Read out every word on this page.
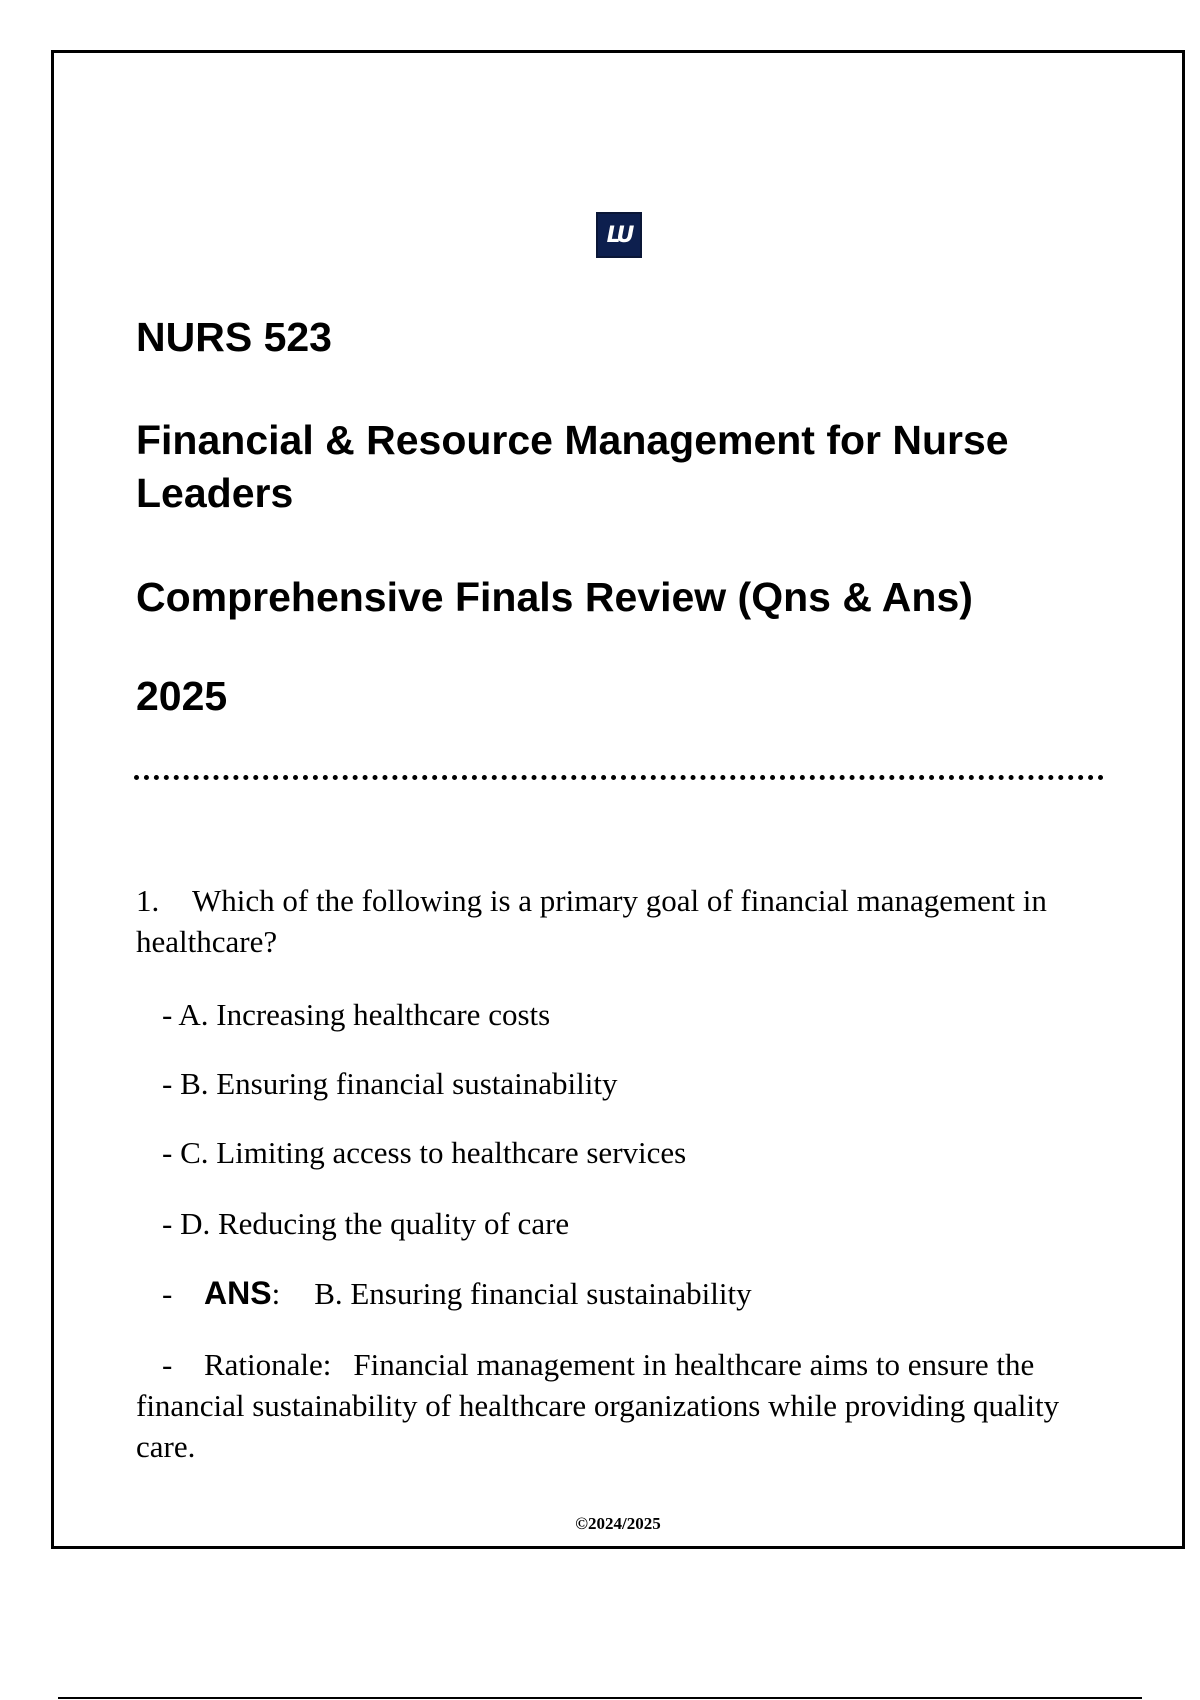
LU
NURS 523
Financial & Resource Management for Nurse Leaders
Comprehensive Finals Review (Qns & Ans)
2025

1. Which of the following is a primary goal of financial management in healthcare?

- A. Increasing healthcare costs

- B. Ensuring financial sustainability

- C. Limiting access to healthcare services

- D. Reducing the quality of care

- ANS: B. Ensuring financial sustainability

- Rationale: Financial management in healthcare aims to ensure the financial sustainability of healthcare organizations while providing quality care.

©2024/2025
